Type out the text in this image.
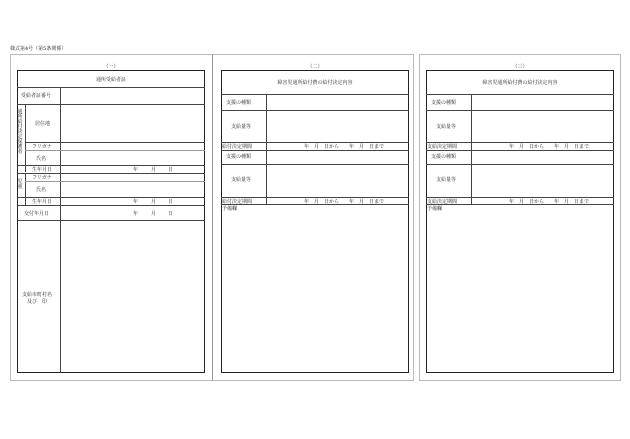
様式第4号（第5条関係）
（一）
通所受給者証
受給者証番号
通所給付決定保護者
居住地
フリガナ
氏名
生年月日	年	月 日
児童
フリガナ
氏名
生年月日	年	月 日
交付年月日	年	月 日
支給市町村名
及び　印
（二）
障害児通所給付費の給付決定内容
支援の種類
支給量等
給付決定期間	年　月　日から　　年　月　日まで
支援の種類
支給量等
給付決定期間	年　月　日から　　年　月　日まで
予備欄
（三）
障害児通所給付費の給付決定内容
支援の種類
支給量等
支給決定期間	年　月　日から　　年　月　日まで
支援の種類
支給量等
支給決定期間	年　月　日から　　年　月　日まで
予備欄
